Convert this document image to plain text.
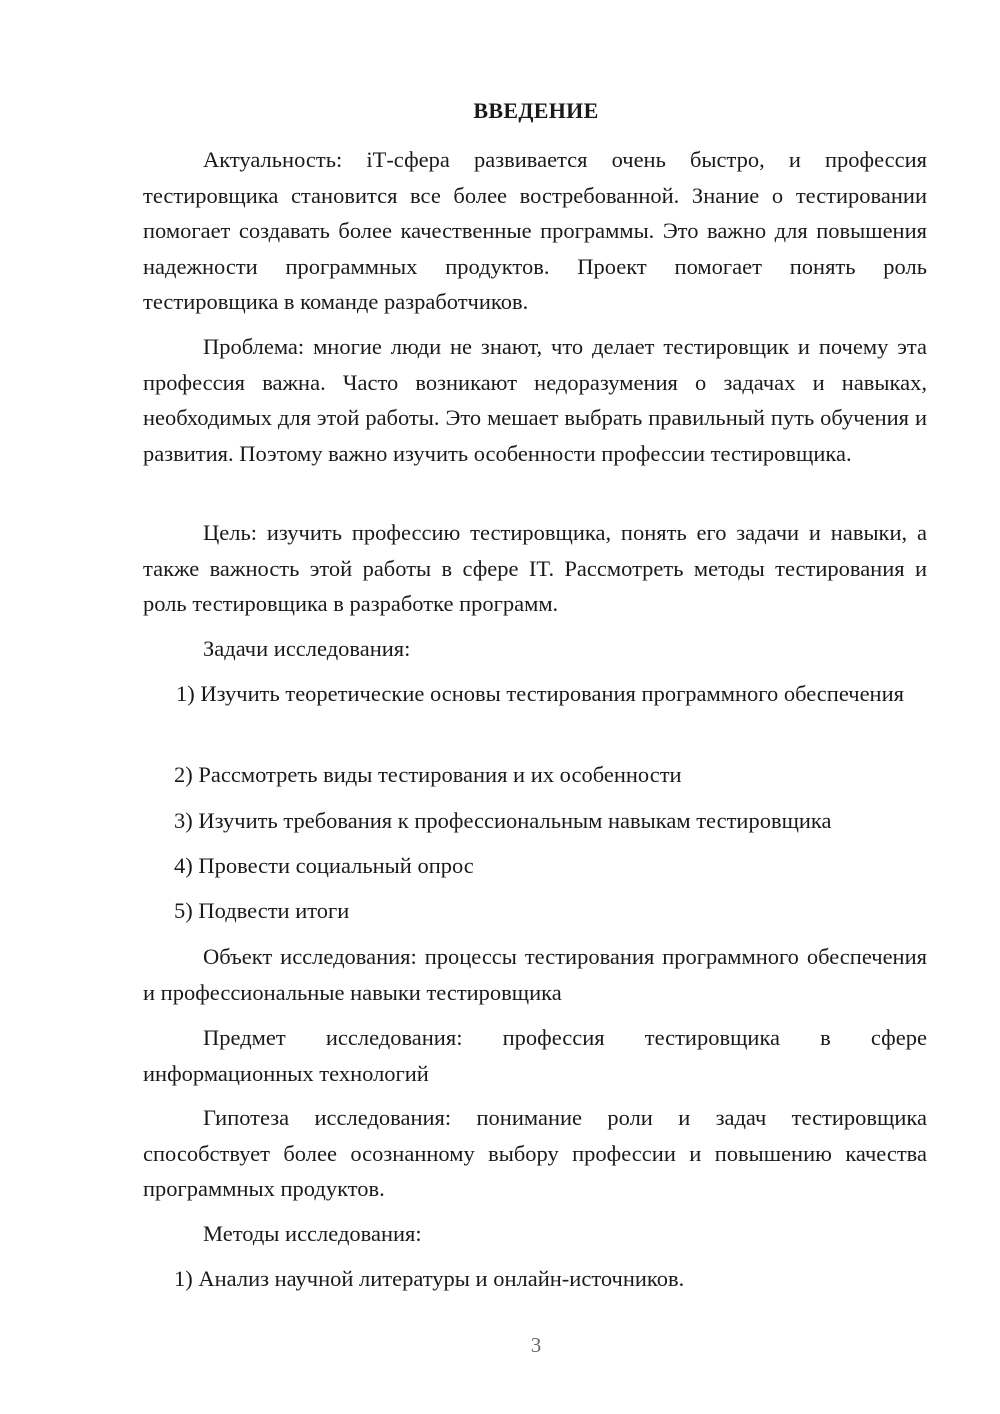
ВВЕДЕНИЕ

Актуальность: iТ-сфера развивается очень быстро, и профессия тестировщика становится все более востребованной. Знание о тестировании помогает создавать более качественные программы. Это важно для повышения надежности программных продуктов. Проект помогает понять роль тестировщика в команде разработчиков.

Проблема: многие люди не знают, что делает тестировщик и почему эта профессия важна. Часто возникают недоразумения о задачах и навыках, необходимых для этой работы. Это мешает выбрать правильный путь обучения и развития. Поэтому важно изучить особенности профессии тестировщика.

Цель: изучить профессию тестировщика, понять его задачи и навыки, а также важность этой работы в сфере IT. Рассмотреть методы тестирования и роль тестировщика в разработке программ.

Задачи исследования:

1) Изучить теоретические основы тестирования программного обеспечения

2) Рассмотреть виды тестирования и их особенности

3) Изучить требования к профессиональным навыкам тестировщика

4) Провести социальный опрос

5) Подвести итоги

Объект исследования: процессы тестирования программного обеспечения и профессиональные навыки тестировщика

Предмет исследования: профессия тестировщика в сфере информационных технологий

Гипотеза исследования: понимание роли и задач тестировщика способствует более осознанному выбору профессии и повышению качества программных продуктов.

Методы исследования:

1) Анализ научной литературы и онлайн-источников.

3
